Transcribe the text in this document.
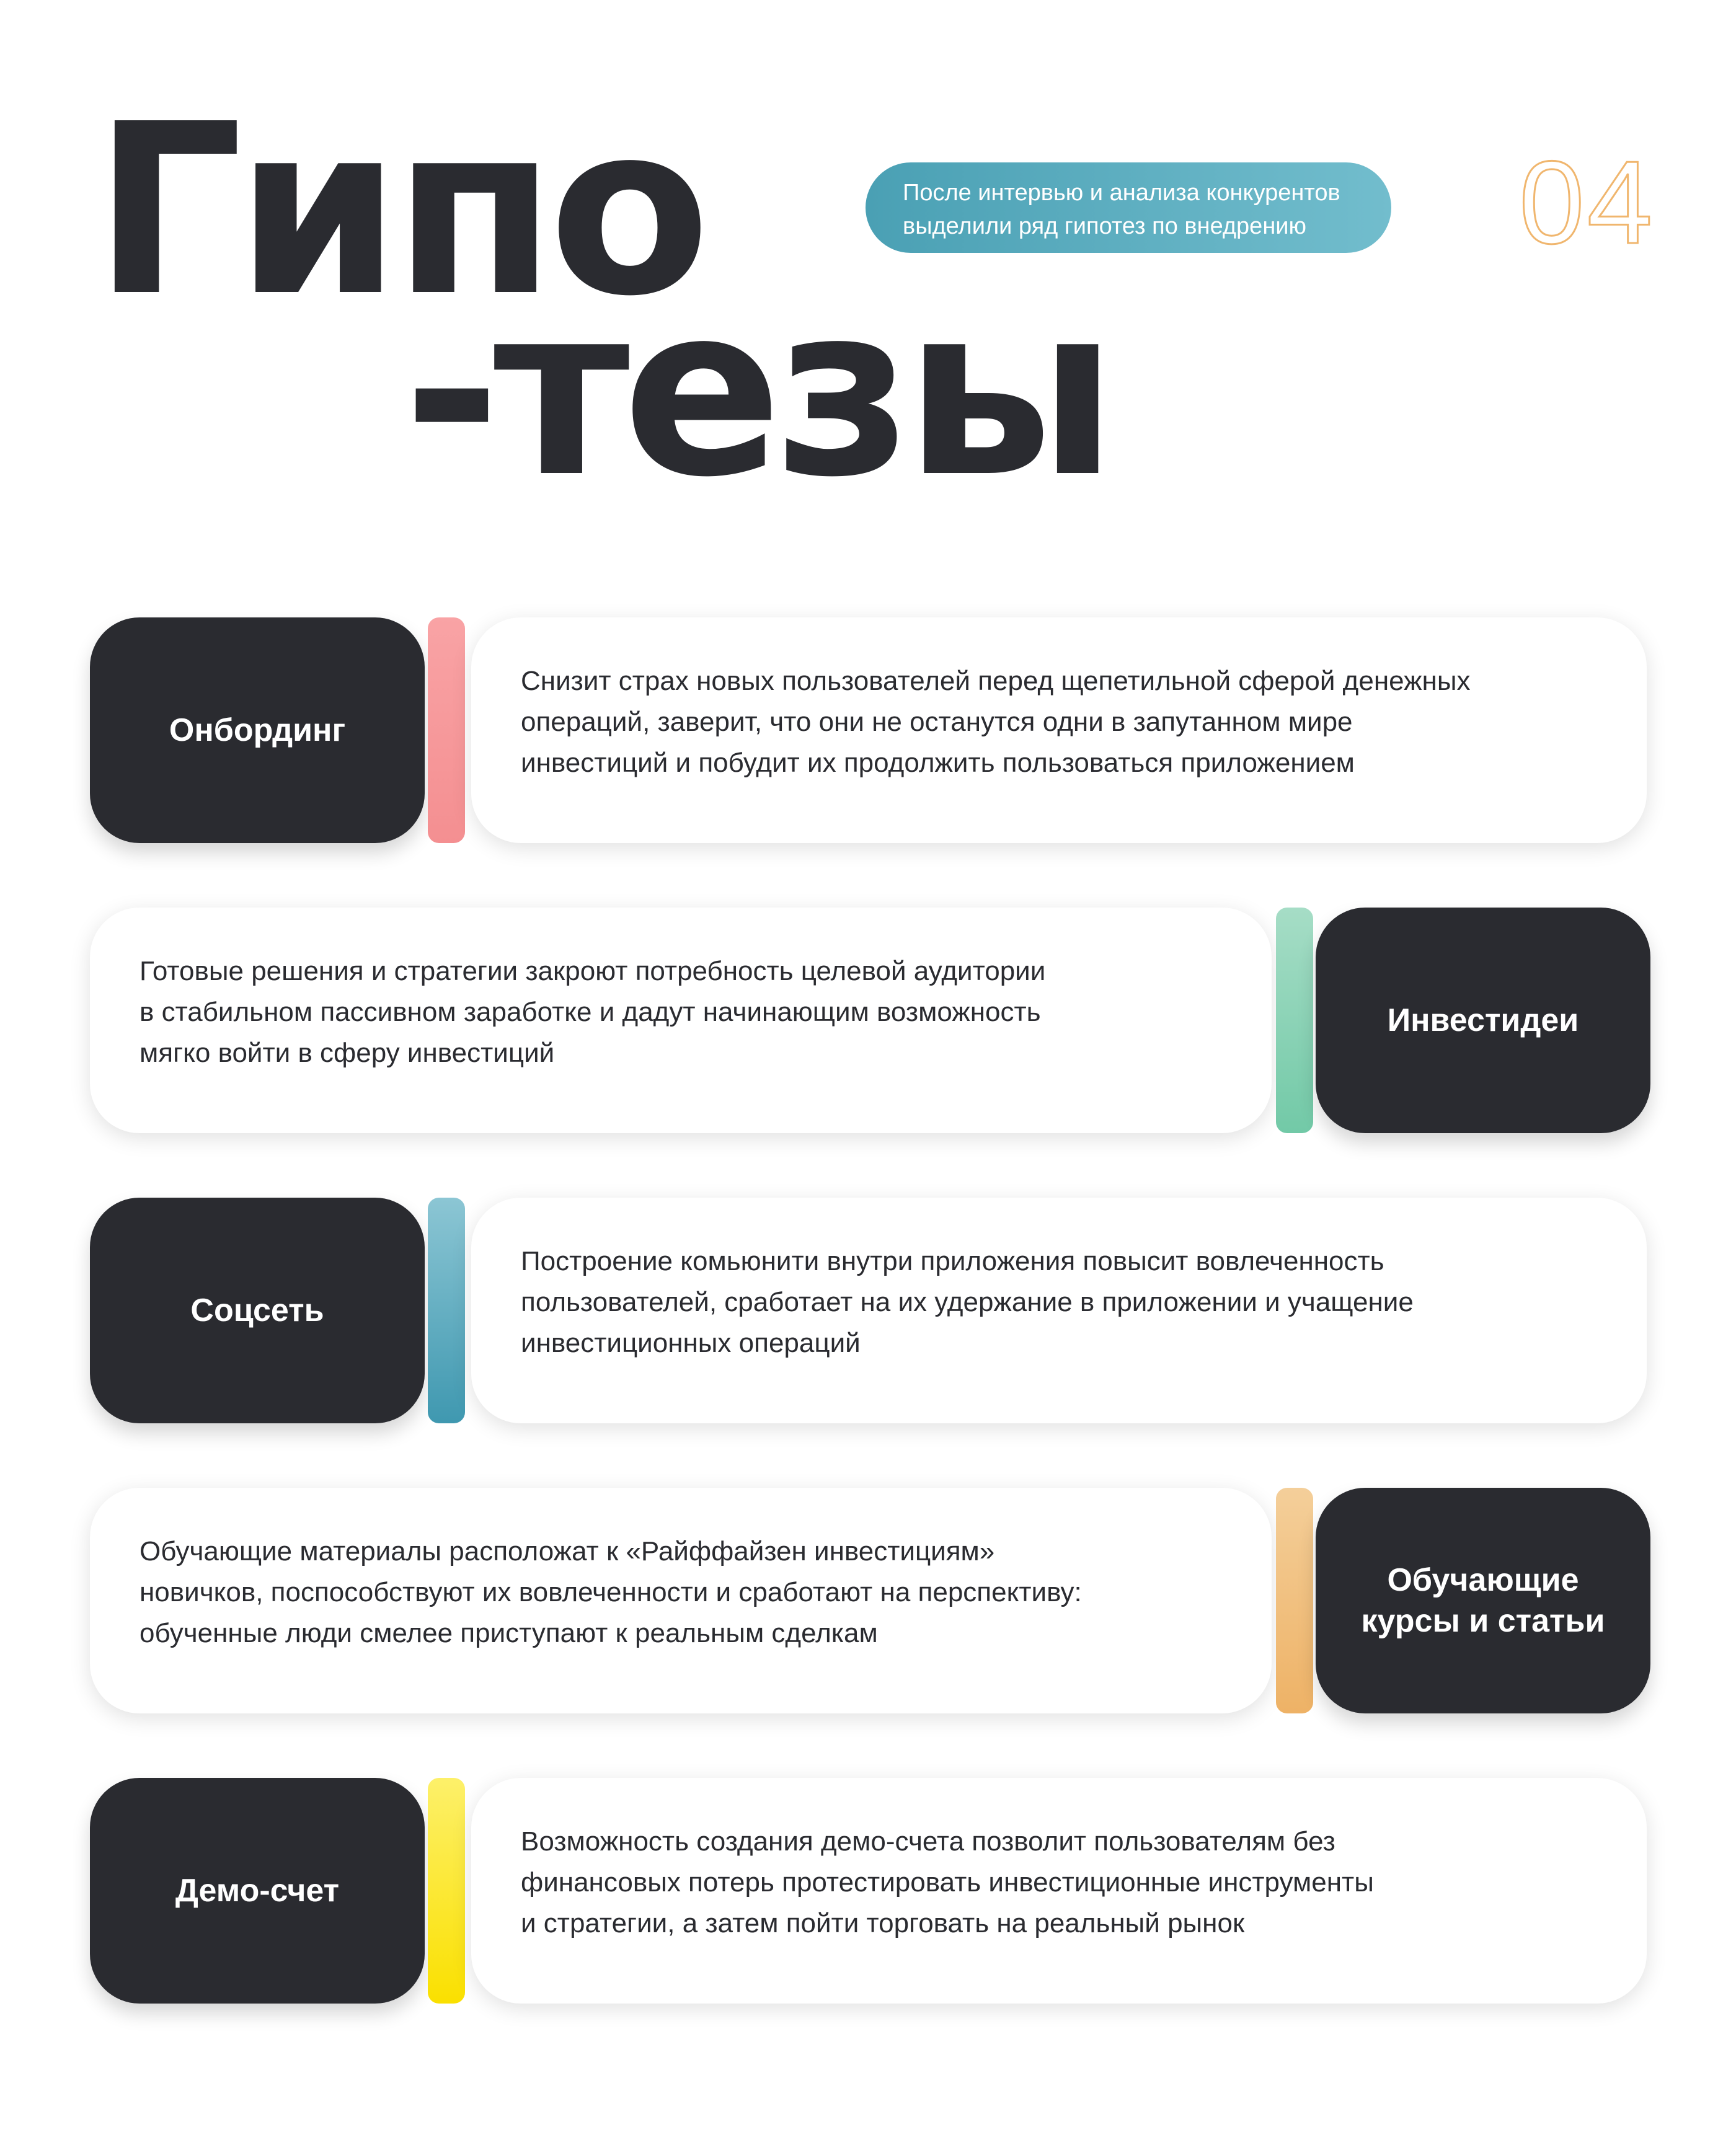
Гипо
-тезы
После интервью и анализа конкурентов
выделили ряд гипотез по внедрению	04
Онбординг
Снизит страх новых пользователей перед щепетильной сферой денежных
операций, заверит, что они не останутся одни в запутанном мире
инвестиций и побудит их продолжить пользоваться приложением
Готовые решения и стратегии закроют потребность целевой аудитории
в стабильном пассивном заработке и дадут начинающим возможность
мягко войти в сферу инвестиций
Инвестидеи
Соцсеть
Построение комьюнити внутри приложения повысит вовлеченность
пользователей, сработает на их удержание в приложении и учащение
инвестиционных операций
Обучающие материалы расположат к «Райффайзен инвестициям»
новичков, поспособствуют их вовлеченности и сработают на перспективу:
обученные люди смелее приступают к реальным сделкам
Обучающие
курсы и статьи
Демо-счет
Возможность создания демо-счета позволит пользователям без
финансовых потерь протестировать инвестиционные инструменты
и стратегии, а затем пойти торговать на реальный рынок
